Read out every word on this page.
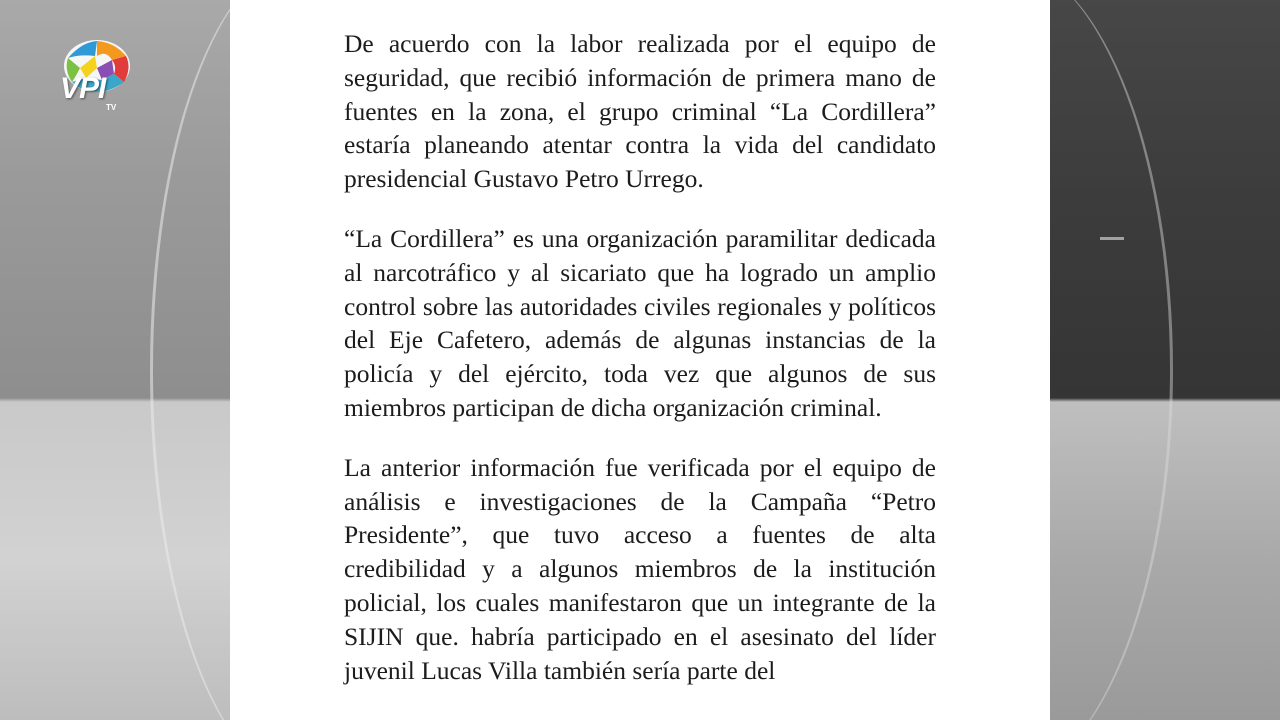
De acuerdo con la labor realizada por el equipo de seguridad, que recibió información de primera mano de fuentes en la zona, el grupo criminal “La Cordillera” estaría planeando atentar contra la vida del candidato presidencial Gustavo Petro Urrego.

“La Cordillera” es una organización paramilitar dedicada al narcotráfico y al sicariato que ha logrado un amplio control sobre las autoridades civiles regionales y políticos del Eje Cafetero, además de algunas instancias de la policía y del ejército, toda vez que algunos de sus miembros participan de dicha organización criminal.

La anterior información fue verificada por el equipo de análisis e investigaciones de la Campaña “Petro Presidente”, que tuvo acceso a fuentes de alta credibilidad y a algunos miembros de la institución policial, los cuales manifestaron que un integrante de la SIJIN que. habría participado en el asesinato del líder juvenil Lucas Villa también sería parte del

VPI
TV
